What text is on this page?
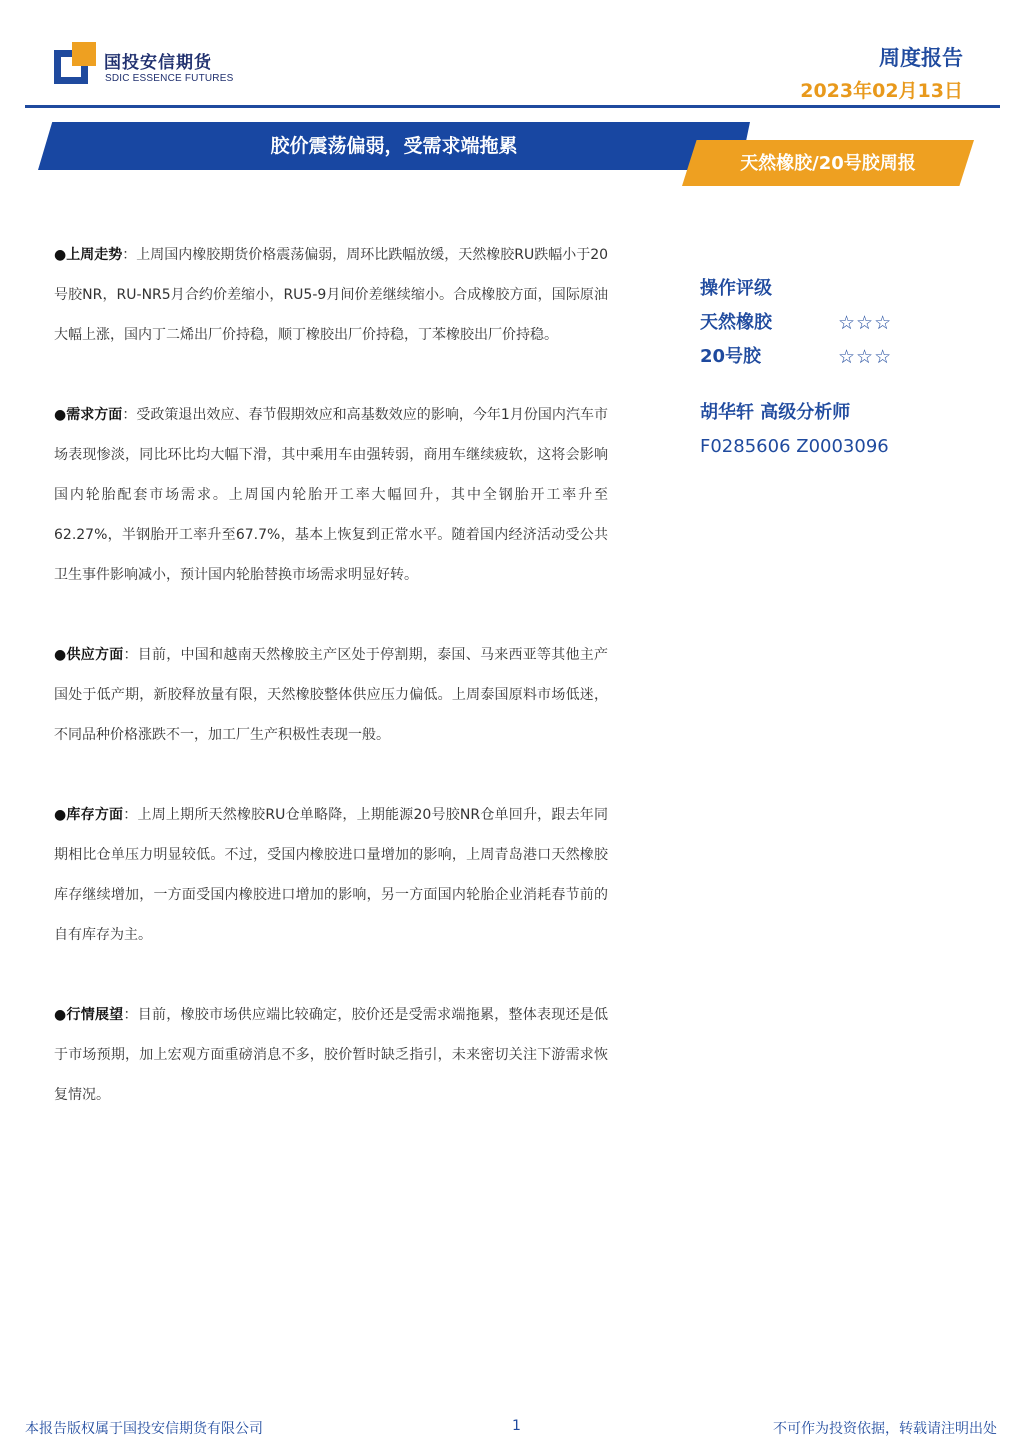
国投安信期货
SDIC ESSENCE FUTURES
周度报告
2023年02月13日
胶价震荡偏弱，受需求端拖累
天然橡胶/20号胶周报

●上周走势：上周国内橡胶期货价格震荡偏弱，周环比跌幅放缓，天然橡胶RU跌幅小于20号胶NR，RU-NR5月合约价差缩小，RU5-9月间价差继续缩小。合成橡胶方面，国际原油大幅上涨，国内丁二烯出厂价持稳，顺丁橡胶出厂价持稳，丁苯橡胶出厂价持稳。

●需求方面：受政策退出效应、春节假期效应和高基数效应的影响，今年1月份国内汽车市场表现惨淡，同比环比均大幅下滑，其中乘用车由强转弱，商用车继续疲软，这将会影响国内轮胎配套市场需求。上周国内轮胎开工率大幅回升，其中全钢胎开工率升至62.27%，半钢胎开工率升至67.7%，基本上恢复到正常水平。随着国内经济活动受公共卫生事件影响减小，预计国内轮胎替换市场需求明显好转。

●供应方面：目前，中国和越南天然橡胶主产区处于停割期，泰国、马来西亚等其他主产国处于低产期，新胶释放量有限，天然橡胶整体供应压力偏低。上周泰国原料市场低迷，不同品种价格涨跌不一，加工厂生产积极性表现一般。

●库存方面：上周上期所天然橡胶RU仓单略降，上期能源20号胶NR仓单回升，跟去年同期相比仓单压力明显较低。不过，受国内橡胶进口量增加的影响，上周青岛港口天然橡胶库存继续增加，一方面受国内橡胶进口增加的影响，另一方面国内轮胎企业消耗春节前的自有库存为主。

●行情展望：目前，橡胶市场供应端比较确定，胶价还是受需求端拖累，整体表现还是低于市场预期，加上宏观方面重磅消息不多，胶价暂时缺乏指引，未来密切关注下游需求恢复情况。

操作评级
天然橡胶	☆☆☆
20号胶	☆☆☆
胡华轩 高级分析师
F0285606 Z0003096
本报告版权属于国投安信期货有限公司	1	不可作为投资依据，转载请注明出处
